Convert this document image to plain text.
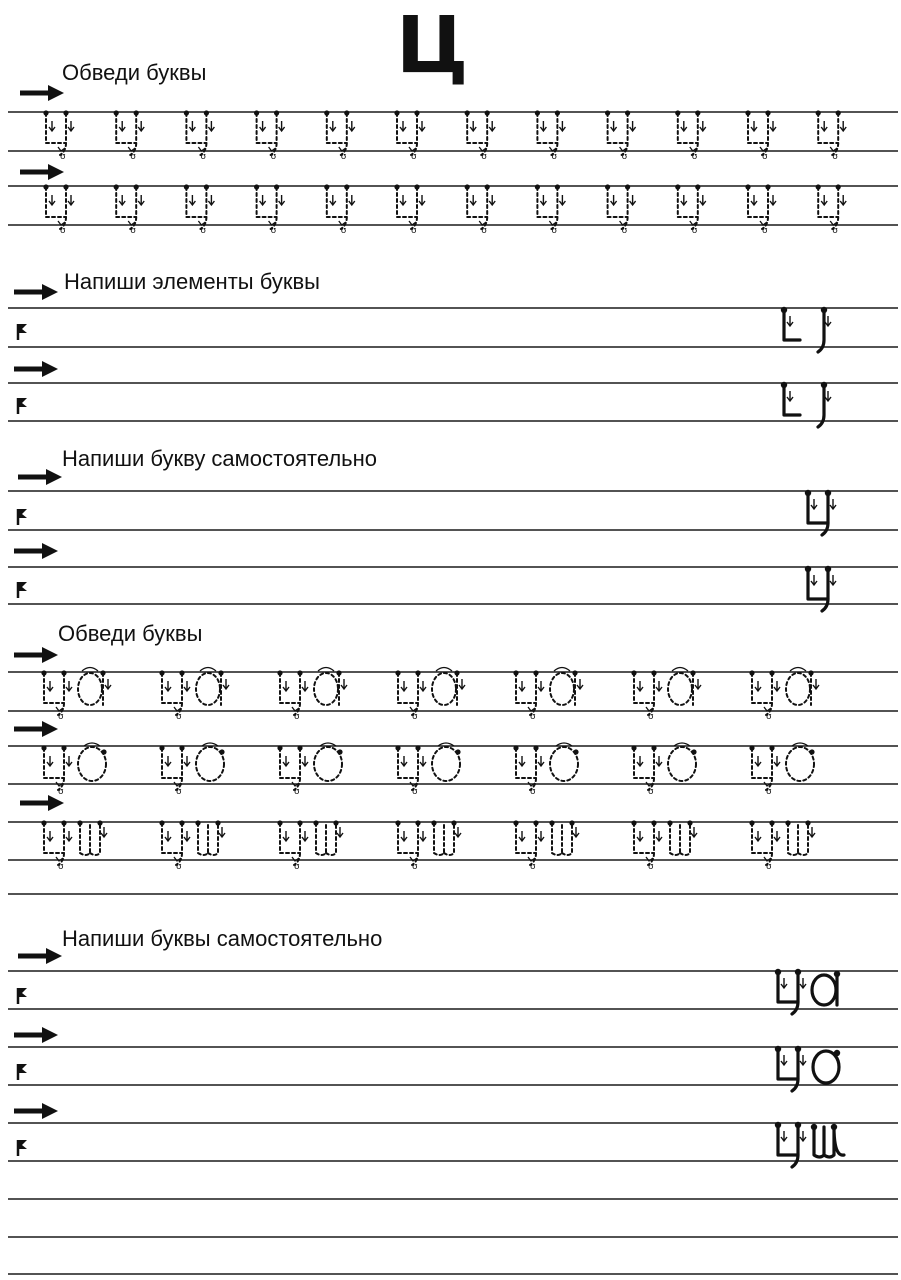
ʊ	Ц
Обведи буквы
Напиши элементы буквы
Напиши букву самостоятельно
Обведи буквы
Напиши буквы самостоятельно
